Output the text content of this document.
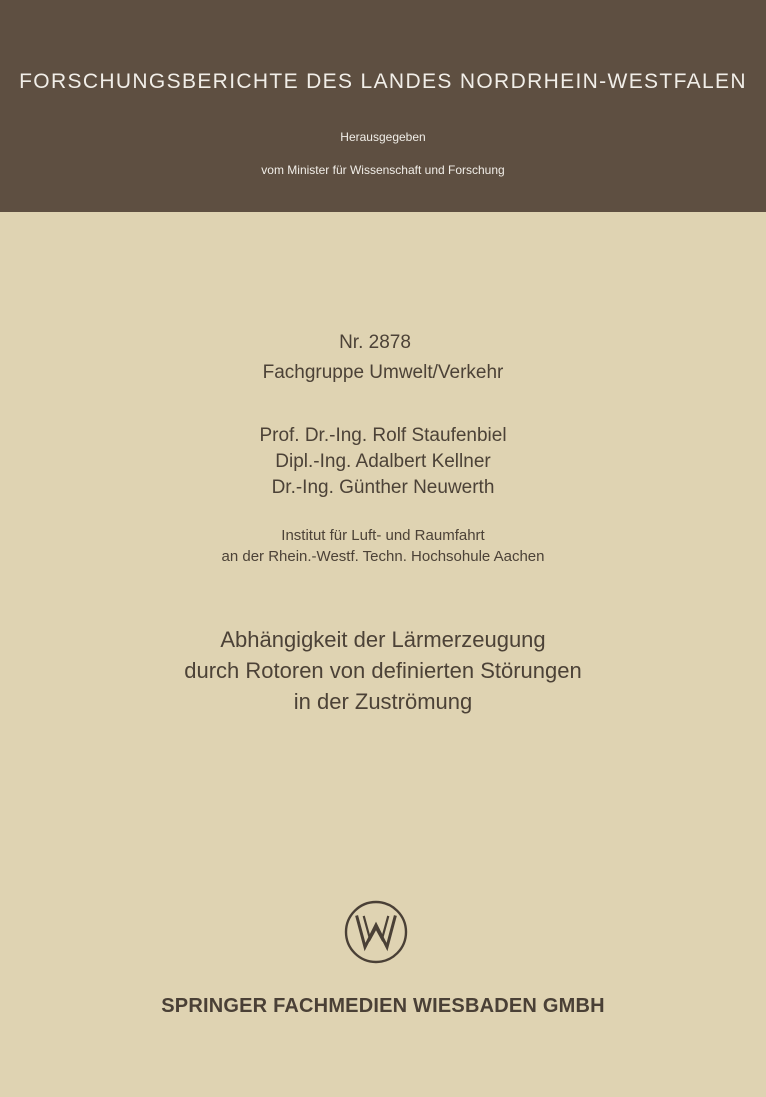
FORSCHUNGSBERICHTE DES LANDES NORDRHEIN-WESTFALEN
Herausgegeben
vom Minister für Wissenschaft und Forschung
Nr. 2878
Fachgruppe Umwelt/Verkehr
Prof. Dr.-Ing. Rolf Staufenbiel
Dipl.-Ing. Adalbert Kellner
Dr.-Ing. Günther Neuwerth
Institut für Luft- und Raumfahrt
an der Rhein.-Westf. Techn. Hochsohule Aachen
Abhängigkeit der Lärmerzeugung
durch Rotoren von definierten Störungen
in der Zuströmung
SPRINGER FACHMEDIEN WIESBADEN GMBH
